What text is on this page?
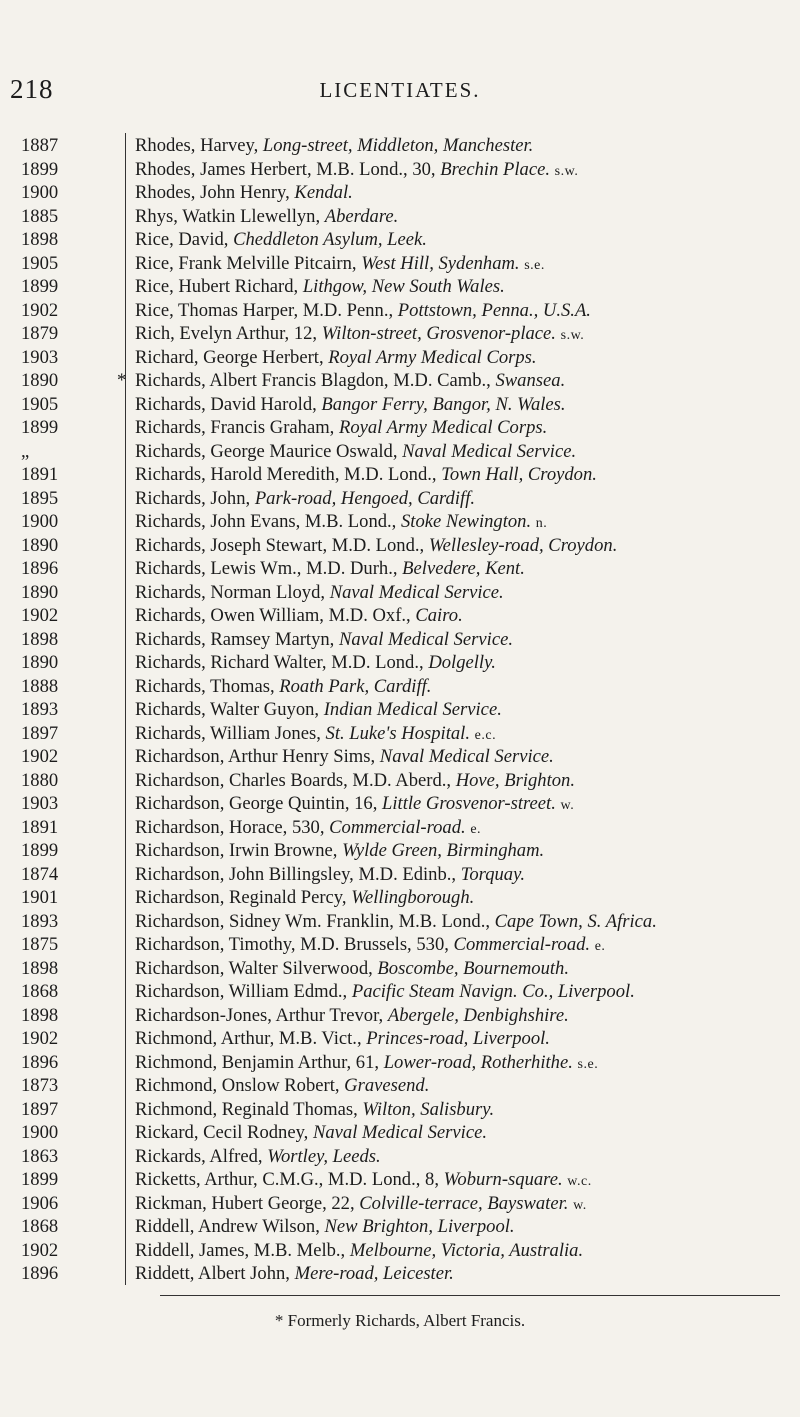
218	LICENTIATES.
1887	Rhodes, Harvey, Long-street, Middleton, Manchester.
1899	Rhodes, James Herbert, M.B. Lond., 30, Brechin Place. s.w.
1900	Rhodes, John Henry, Kendal.
1885	Rhys, Watkin Llewellyn, Aberdare.
1898	Rice, David, Cheddleton Asylum, Leek.
1905	Rice, Frank Melville Pitcairn, West Hill, Sydenham. s.e.
1899	Rice, Hubert Richard, Lithgow, New South Wales.
1902	Rice, Thomas Harper, M.D. Penn., Pottstown, Penna., U.S.A.
1879	Rich, Evelyn Arthur, 12, Wilton-street, Grosvenor-place. s.w.
1903	Richard, George Herbert, Royal Army Medical Corps.
1890	* Richards, Albert Francis Blagdon, M.D. Camb., Swansea.
1905	Richards, David Harold, Bangor Ferry, Bangor, N. Wales.
1899	Richards, Francis Graham, Royal Army Medical Corps.
„	Richards, George Maurice Oswald, Naval Medical Service.
1891	Richards, Harold Meredith, M.D. Lond., Town Hall, Croydon.
1895	Richards, John, Park-road, Hengoed, Cardiff.
1900	Richards, John Evans, M.B. Lond., Stoke Newington. n.
1890	Richards, Joseph Stewart, M.D. Lond., Wellesley-road, Croydon.
1896	Richards, Lewis Wm., M.D. Durh., Belvedere, Kent.
1890	Richards, Norman Lloyd, Naval Medical Service.
1902	Richards, Owen William, M.D. Oxf., Cairo.
1898	Richards, Ramsey Martyn, Naval Medical Service.
1890	Richards, Richard Walter, M.D. Lond., Dolgelly.
1888	Richards, Thomas, Roath Park, Cardiff.
1893	Richards, Walter Guyon, Indian Medical Service.
1897	Richards, William Jones, St. Luke's Hospital. e.c.
1902	Richardson, Arthur Henry Sims, Naval Medical Service.
1880	Richardson, Charles Boards, M.D. Aberd., Hove, Brighton.
1903	Richardson, George Quintin, 16, Little Grosvenor-street. w.
1891	Richardson, Horace, 530, Commercial-road. e.
1899	Richardson, Irwin Browne, Wylde Green, Birmingham.
1874	Richardson, John Billingsley, M.D. Edinb., Torquay.
1901	Richardson, Reginald Percy, Wellingborough.
1893	Richardson, Sidney Wm. Franklin, M.B. Lond., Cape Town, S. Africa.
1875	Richardson, Timothy, M.D. Brussels, 530, Commercial-road. e.
1898	Richardson, Walter Silverwood, Boscombe, Bournemouth.
1868	Richardson, William Edmd., Pacific Steam Navign. Co., Liverpool.
1898	Richardson-Jones, Arthur Trevor, Abergele, Denbighshire.
1902	Richmond, Arthur, M.B. Vict., Princes-road, Liverpool.
1896	Richmond, Benjamin Arthur, 61, Lower-road, Rotherhithe. s.e.
1873	Richmond, Onslow Robert, Gravesend.
1897	Richmond, Reginald Thomas, Wilton, Salisbury.
1900	Rickard, Cecil Rodney, Naval Medical Service.
1863	Rickards, Alfred, Wortley, Leeds.
1899	Ricketts, Arthur, C.M.G., M.D. Lond., 8, Woburn-square. w.c.
1906	Rickman, Hubert George, 22, Colville-terrace, Bayswater. w.
1868	Riddell, Andrew Wilson, New Brighton, Liverpool.
1902	Riddell, James, M.B. Melb., Melbourne, Victoria, Australia.
1896	Riddett, Albert John, Mere-road, Leicester.
* Formerly Richards, Albert Francis.
